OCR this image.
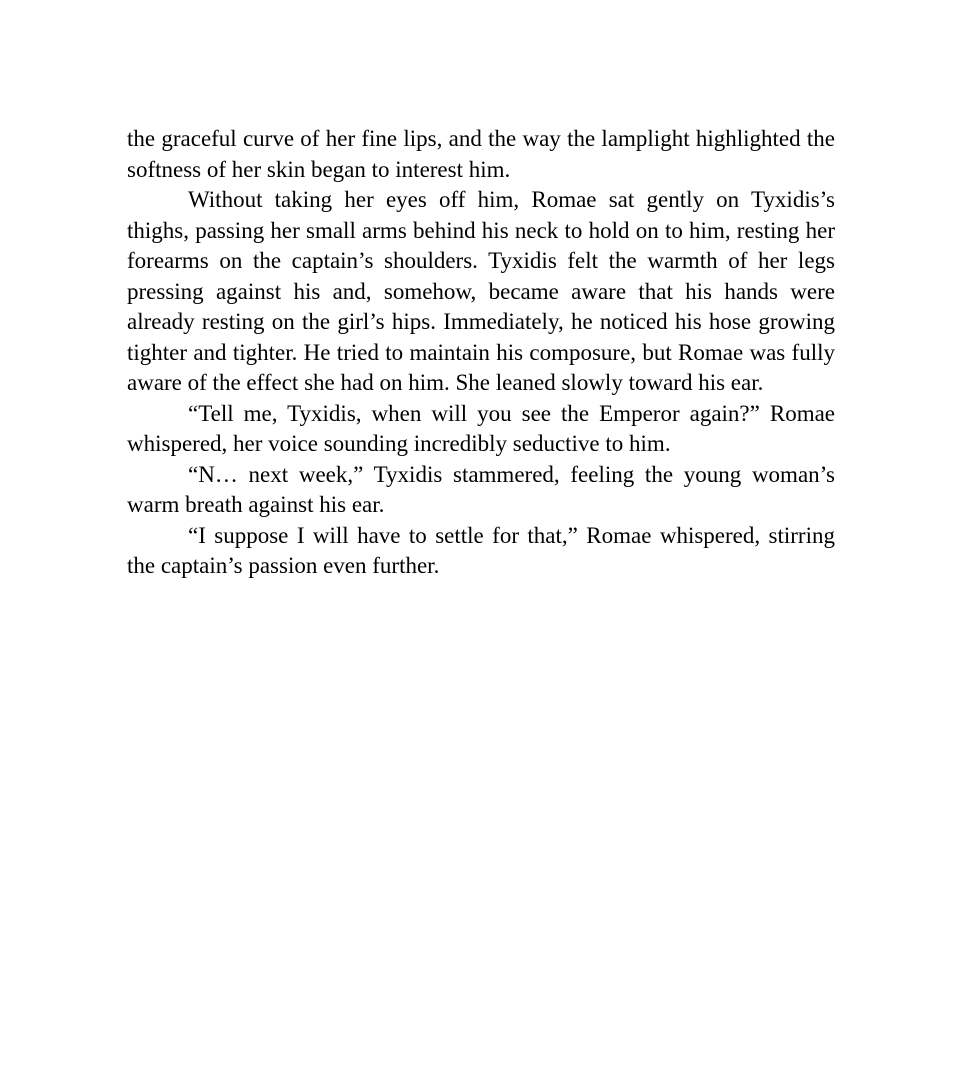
the graceful curve of her fine lips, and the way the lamplight highlighted the softness of her skin began to interest him.

Without taking her eyes off him, Romae sat gently on Tyxidis’s thighs, passing her small arms behind his neck to hold on to him, resting her forearms on the captain’s shoulders. Tyxidis felt the warmth of her legs pressing against his and, somehow, became aware that his hands were already resting on the girl’s hips. Immediately, he noticed his hose growing tighter and tighter. He tried to maintain his composure, but Romae was fully aware of the effect she had on him. She leaned slowly toward his ear.

“Tell me, Tyxidis, when will you see the Emperor again?” Romae whispered, her voice sounding incredibly seductive to him.

“N… next week,” Tyxidis stammered, feeling the young woman’s warm breath against his ear.

“I suppose I will have to settle for that,” Romae whispered, stirring the captain’s passion even further.
